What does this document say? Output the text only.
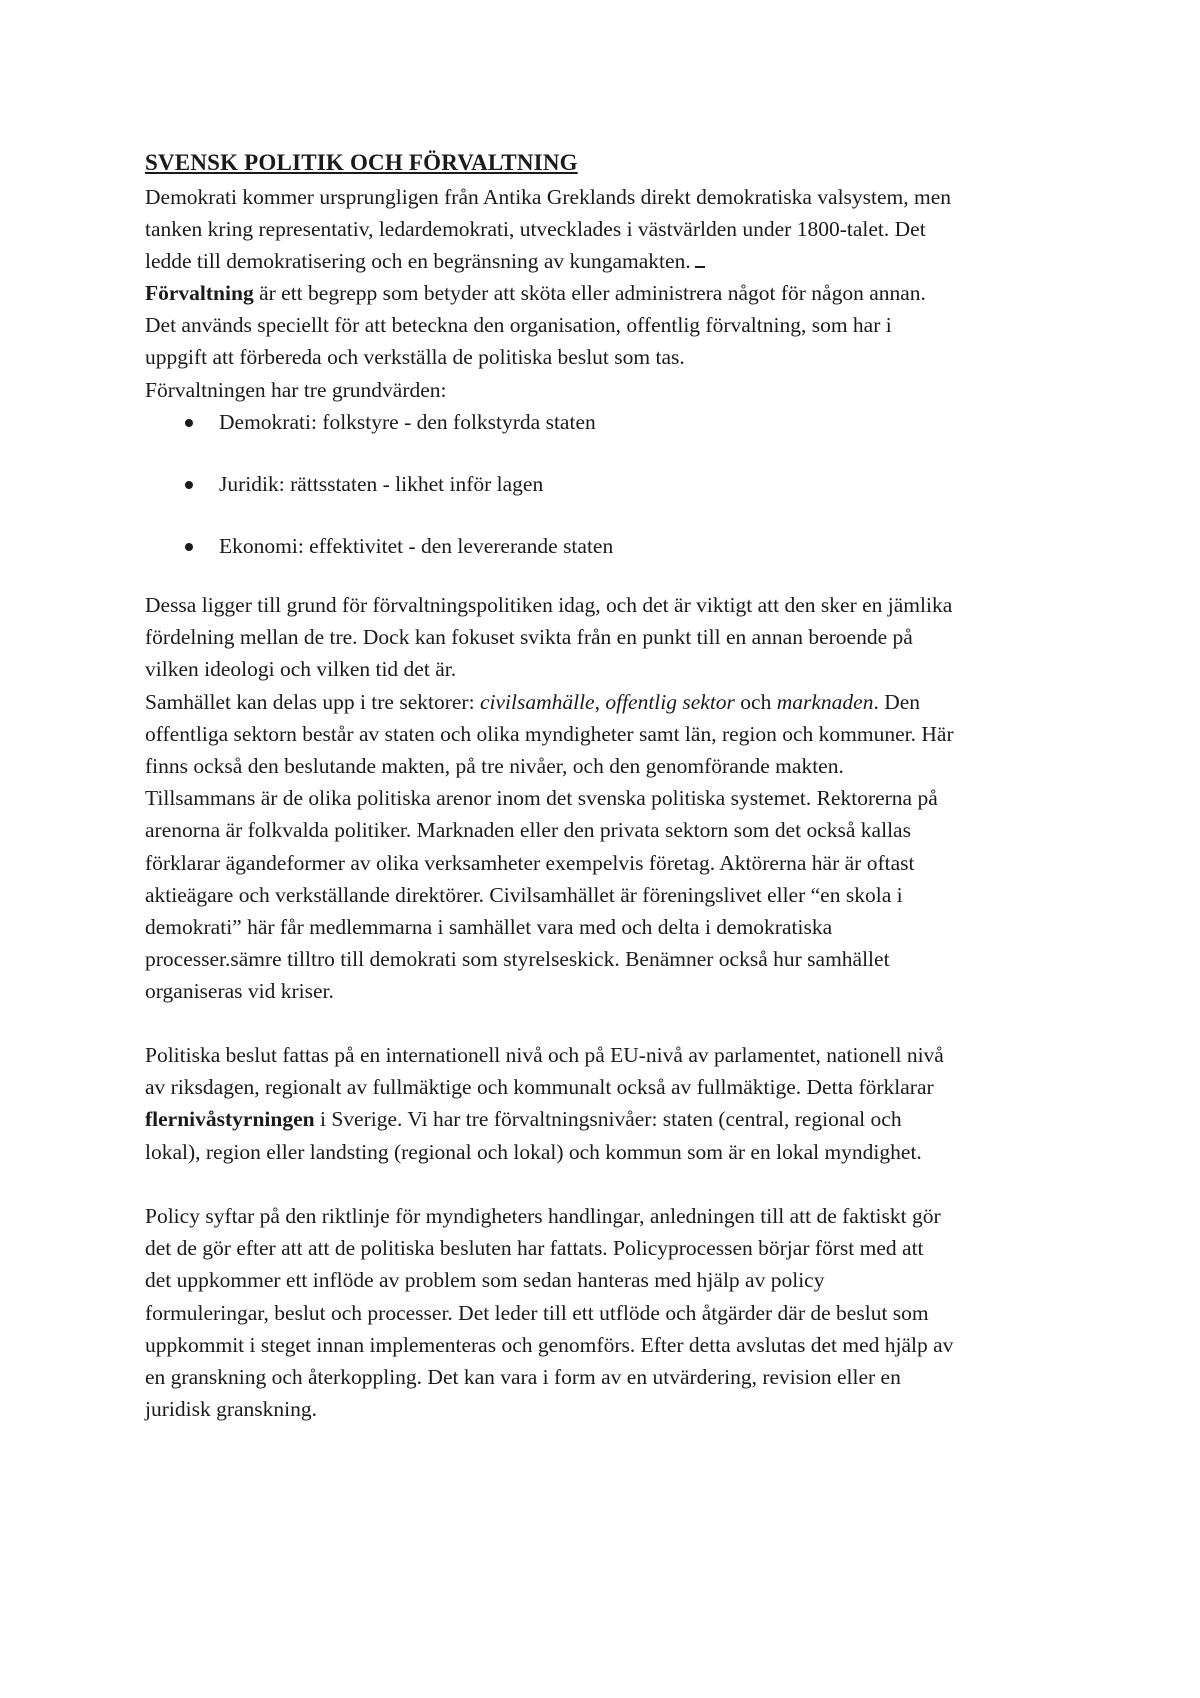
SVENSK POLITIK OCH FÖRVALTNING
Demokrati kommer ursprungligen från Antika Greklands direkt demokratiska valsystem, men
tanken kring representativ, ledardemokrati, utvecklades i västvärlden under 1800-talet. Det
ledde till demokratisering och en begränsning av kungamakten.
Förvaltning är ett begrepp som betyder att sköta eller administrera något för någon annan.
Det används speciellt för att beteckna den organisation, offentlig förvaltning, som har i
uppgift att förbereda och verkställa de politiska beslut som tas.
Förvaltningen har tre grundvärden:
Demokrati: folkstyre - den folkstyrda staten
Juridik: rättsstaten - likhet inför lagen
Ekonomi: effektivitet - den levererande staten
Dessa ligger till grund för förvaltningspolitiken idag, och det är viktigt att den sker en jämlika
fördelning mellan de tre. Dock kan fokuset svikta från en punkt till en annan beroende på
vilken ideologi och vilken tid det är.
Samhället kan delas upp i tre sektorer: civilsamhälle, offentlig sektor och marknaden. Den
offentliga sektorn består av staten och olika myndigheter samt län, region och kommuner. Här
finns också den beslutande makten, på tre nivåer, och den genomförande makten.
Tillsammans är de olika politiska arenor inom det svenska politiska systemet. Rektorerna på
arenorna är folkvalda politiker. Marknaden eller den privata sektorn som det också kallas
förklarar ägandeformer av olika verksamheter exempelvis företag. Aktörerna här är oftast
aktieägare och verkställande direktörer. Civilsamhället är föreningslivet eller “en skola i
demokrati” här får medlemmarna i samhället vara med och delta i demokratiska
processer.sämre tilltro till demokrati som styrelseskick. Benämner också hur samhället
organiseras vid kriser.
Politiska beslut fattas på en internationell nivå och på EU-nivå av parlamentet, nationell nivå
av riksdagen, regionalt av fullmäktige och kommunalt också av fullmäktige. Detta förklarar
flernivåstyrningen i Sverige. Vi har tre förvaltningsnivåer: staten (central, regional och
lokal), region eller landsting (regional och lokal) och kommun som är en lokal myndighet.
Policy syftar på den riktlinje för myndigheters handlingar, anledningen till att de faktiskt gör
det de gör efter att att de politiska besluten har fattats. Policyprocessen börjar först med att
det uppkommer ett inflöde av problem som sedan hanteras med hjälp av policy
formuleringar, beslut och processer. Det leder till ett utflöde och åtgärder där de beslut som
uppkommit i steget innan implementeras och genomförs. Efter detta avslutas det med hjälp av
en granskning och återkoppling. Det kan vara i form av en utvärdering, revision eller en
juridisk granskning.
